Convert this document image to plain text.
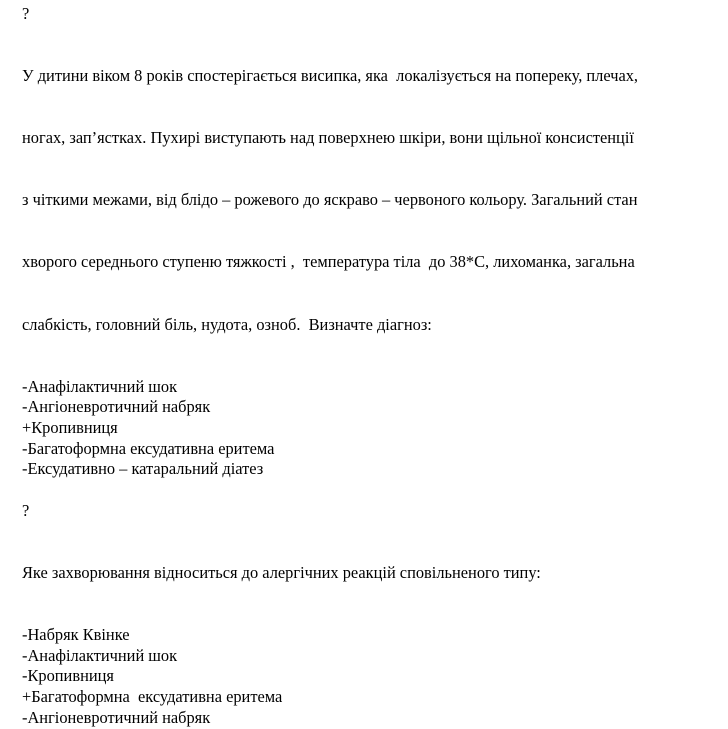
?

У дитини віком 8 років спостерігається висипка, яка  локалізується на попереку, плечах,

ногах, зап’ястках. Пухирі виступають над поверхнею шкіри, вони щільної консистенції

з чіткими межами, від блідо – рожевого до яскраво – червоного кольору. Загальний стан

хворого середнього ступеню тяжкості ,  температура тіла  до 38*С, лихоманка, загальна

слабкість, головний біль, нудота, озноб.  Визначте діагноз:

-Анафілактичний шок
-Ангіоневротичний набряк
+Кропивниця
-Багатоформна ексудативна еритема
-Ексудативно – катаральний діатез
?

Яке захворювання відноситься до алергічних реакцій сповільненого типу:

-Набряк Квінке
-Анафілактичний шок
-Кропивниця
+Багатоформна  ексудативна еритема
-Ангіоневротичний набряк
